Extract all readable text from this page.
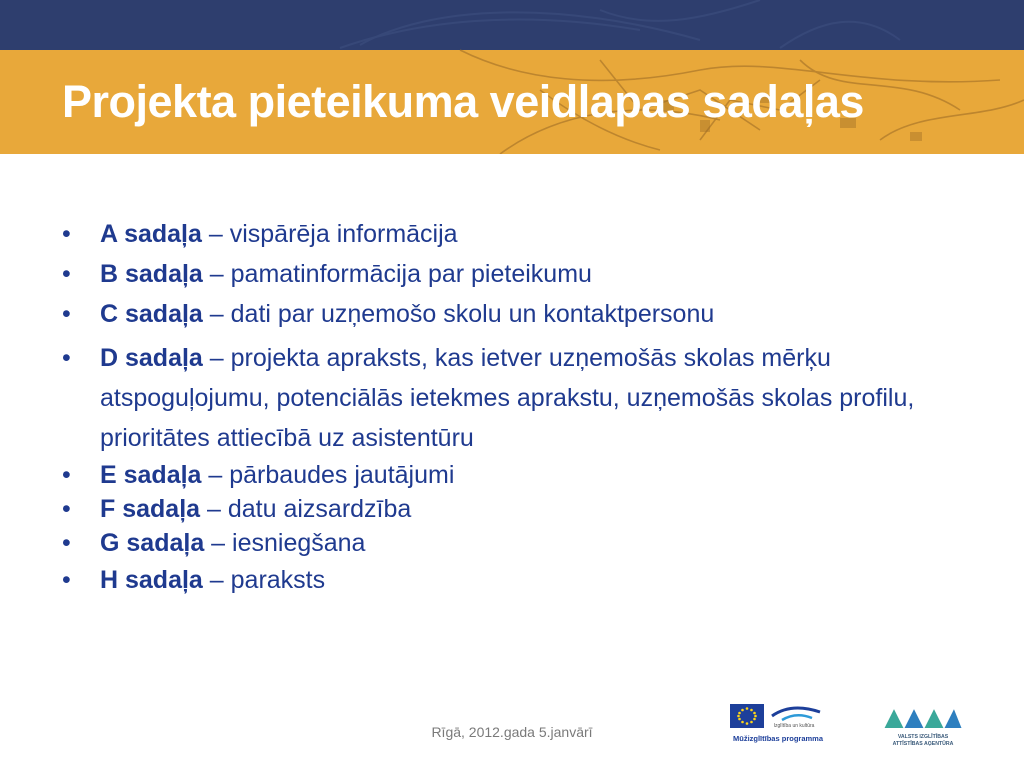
Projekta pieteikuma veidlapas sadaļas
• A sadaļa – vispārēja informācija
• B sadaļa – pamatinformācija par pieteikumu
• C sadaļa – dati par uzņemošo skolu un kontaktpersonu
• D sadaļa – projekta apraksts, kas ietver uzņemošās skolas mērķu atspoguļojumu, potenciālās ietekmes aprakstu, uzņemošās skolas profilu, prioritātes attiecībā uz asistentūru
• E sadaļa – pārbaudes jautājumi
• F sadaļa – datu aizsardzība
• G sadaļa – iesniegšana
• H sadaļa – paraksts
Rīgā, 2012.gada 5.janvārī	Izglītība un kultūra
Mūžizglītības programma	VALSTS IZGLĪTĪBAS
ATTĪSTĪBAS AĢENTŪRA
